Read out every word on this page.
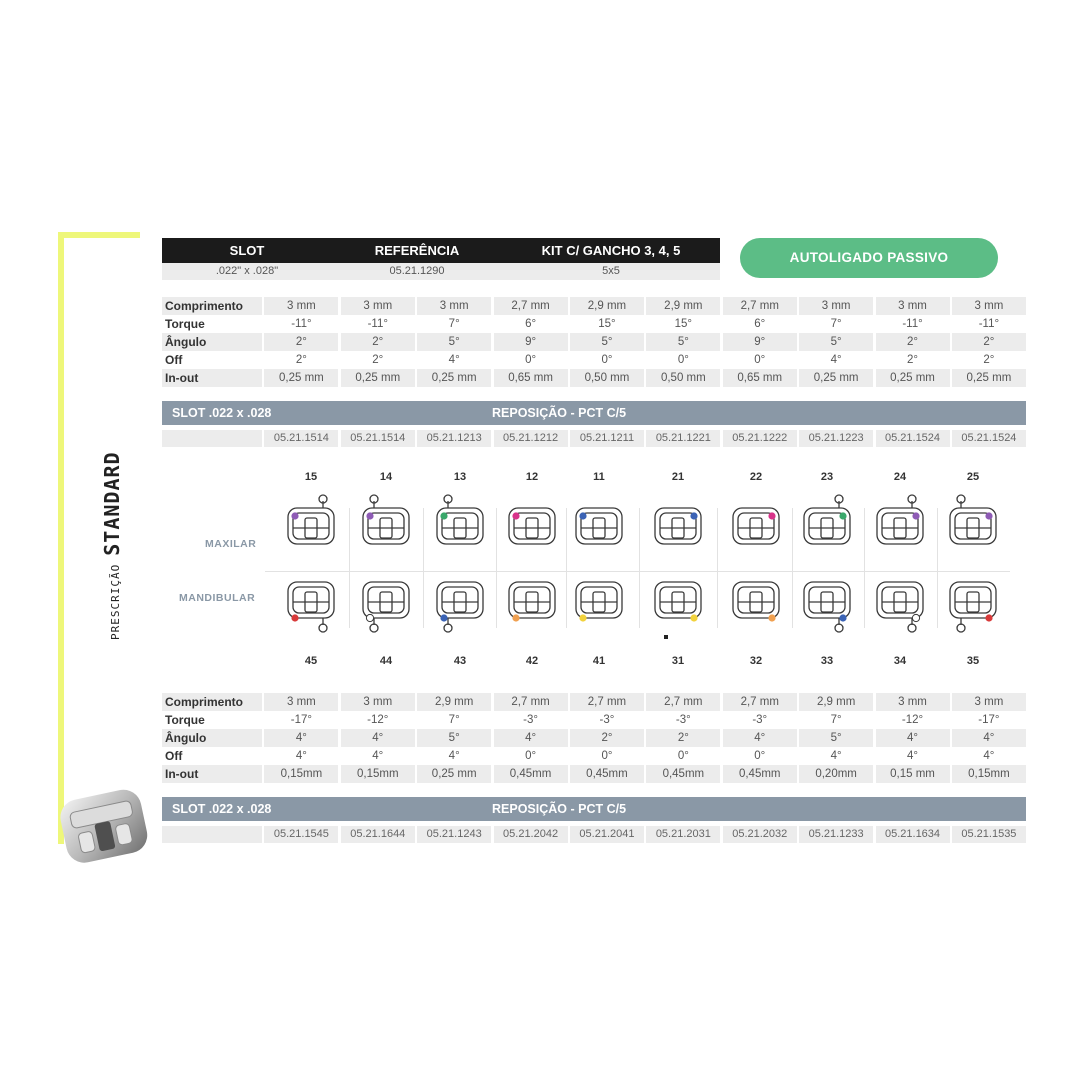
PRESCRIÇÃOSTANDARD
SLOT	REFERÊNCIA	KIT C/ GANCHO 3, 4, 5
.022" x .028"	05.21.1290	5x5
AUTOLIGADO PASSIVO
Comprimento	3 mm	3 mm	3 mm	2,7 mm	2,9 mm	2,9 mm	2,7 mm	3 mm	3 mm	3 mm
Torque	-11°	-11°	7°	6°	15°	15°	6°	7°	-11°	-11°
Ângulo	2°	2°	5°	9°	5°	5°	9°	5°	2°	2°
Off	2°	2°	4°	0°	0°	0°	0°	4°	2°	2°
In-out	0,25 mm	0,25 mm	0,25 mm	0,65 mm	0,50 mm	0,50 mm	0,65 mm	0,25 mm	0,25 mm	0,25 mm
SLOT .022 x .028	REPOSIÇÃO - PCT C/5
05.21.1514	05.21.1514	05.21.1213	05.21.1212	05.21.1211	05.21.1221	05.21.1222	05.21.1223	05.21.1524	05.21.1524
MAXILAR
MANDIBULAR
15
45
14
44
13
43
12
42
11
41
21
31
22
32
23
33
24
34
25
35
Comprimento	3 mm	3 mm	2,9 mm	2,7 mm	2,7 mm	2,7 mm	2,7 mm	2,9 mm	3 mm	3 mm
Torque	-17°	-12°	7°	-3°	-3°	-3°	-3°	7°	-12°	-17°
Ângulo	4°	4°	5°	4°	2°	2°	4°	5°	4°	4°
Off	4°	4°	4°	0°	0°	0°	0°	4°	4°	4°
In-out	0,15mm	0,15mm	0,25 mm	0,45mm	0,45mm	0,45mm	0,45mm	0,20mm	0,15 mm	0,15mm
SLOT .022 x .028	REPOSIÇÃO - PCT C/5
05.21.1545	05.21.1644	05.21.1243	05.21.2042	05.21.2041	05.21.2031	05.21.2032	05.21.1233	05.21.1634	05.21.1535
